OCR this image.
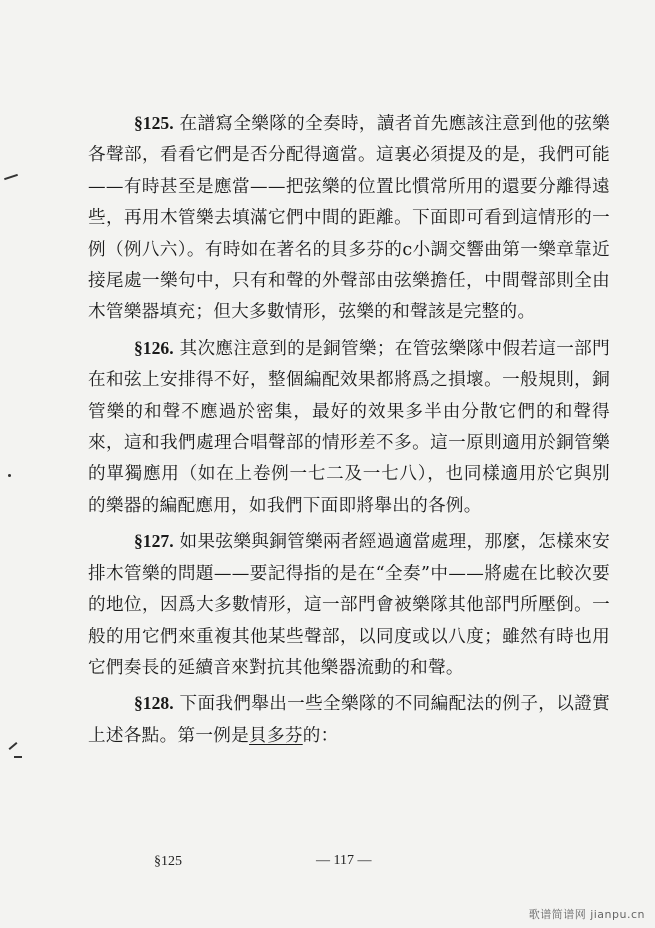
§125. 在譜寫全樂隊的全奏時，讀者首先應該注意到他的弦樂各聲部，看看它們是否分配得適當。這裏必須提及的是，我們可能——有時甚至是應當——把弦樂的位置比慣常所用的還要分離得遠些，再用木管樂去填滿它們中間的距離。下面即可看到這情形的一例（例八六）。有時如在著名的貝多芬的c小調交響曲第一樂章靠近接尾處一樂句中，只有和聲的外聲部由弦樂擔任，中間聲部則全由木管樂器填充；但大多數情形，弦樂的和聲該是完整的。

§126. 其次應注意到的是銅管樂；在管弦樂隊中假若這一部門在和弦上安排得不好，整個編配效果都將爲之損壞。一般規則，銅管樂的和聲不應過於密集，最好的效果多半由分散它們的和聲得來，這和我們處理合唱聲部的情形差不多。這一原則適用於銅管樂的單獨應用（如在上卷例一七二及一七八），也同樣適用於它與別的樂器的編配應用，如我們下面即將舉出的各例。

§127. 如果弦樂與銅管樂兩者經過適當處理，那麼，怎樣來安排木管樂的問題——要記得指的是在“全奏”中——將處在比較次要的地位，因爲大多數情形，這一部門會被樂隊其他部門所壓倒。一般的用它們來重複其他某些聲部，以同度或以八度；雖然有時也用它們奏長的延續音來對抗其他樂器流動的和聲。

§128. 下面我們舉出一些全樂隊的不同編配法的例子，以證實上述各點。第一例是貝多芬的：

§125	— 117 —
歌谱简谱网 jianpu.cn
